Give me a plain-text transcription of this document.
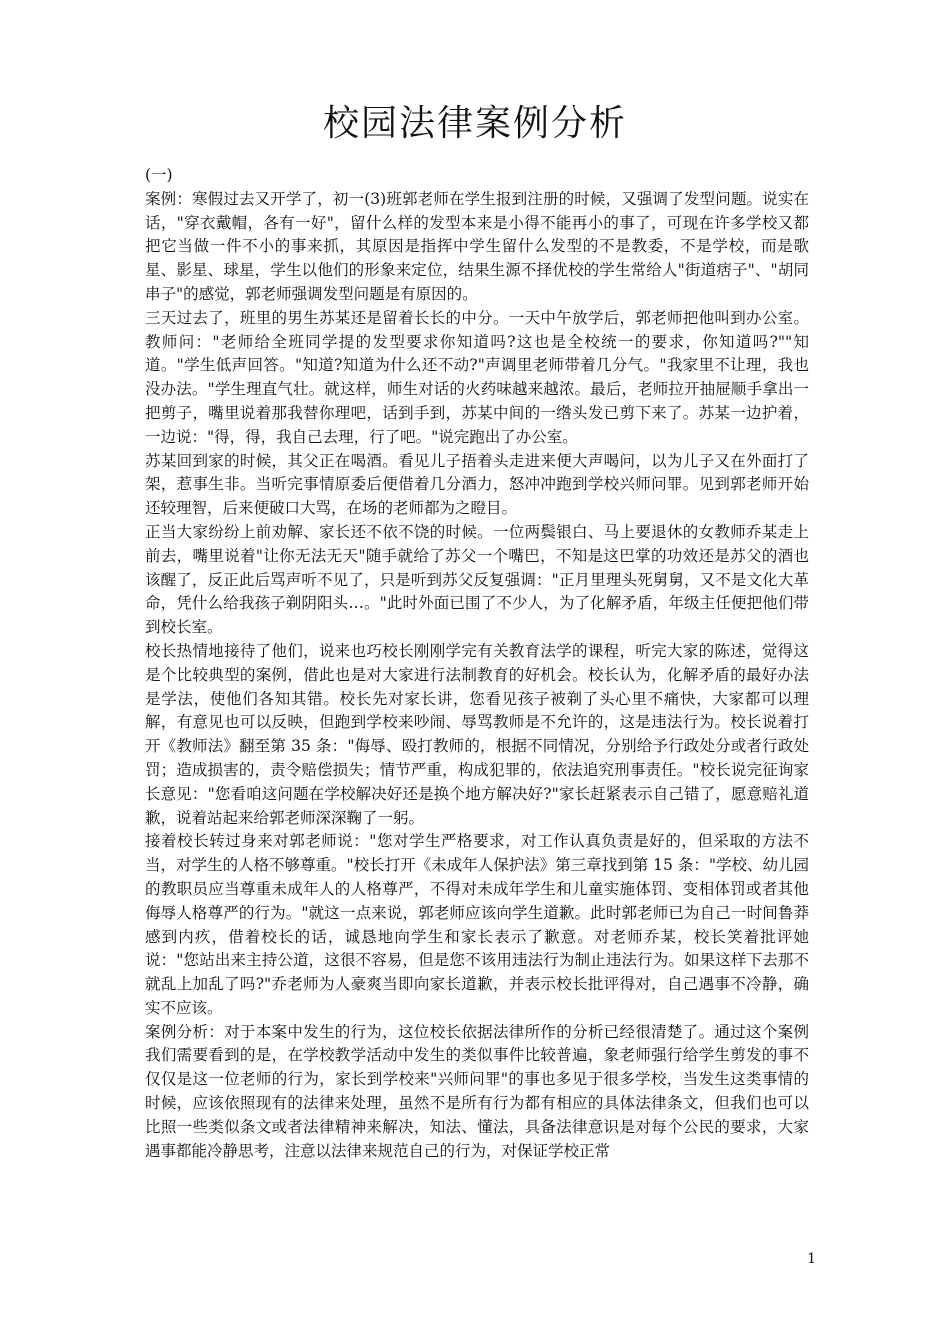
校园法律案例分析

(一)

案例：寒假过去又开学了，初一(3)班郭老师在学生报到注册的时候，又强调了发型问题。说实在话，"穿衣戴帽，各有一好"，留什么样的发型本来是小得不能再小的事了，可现在许多学校又都把它当做一件不小的事来抓，其原因是指挥中学生留什么发型的不是教委，不是学校，而是歌星、影星、球星，学生以他们的形象来定位，结果生源不择优校的学生常给人"街道痞子"、"胡同串子"的感觉，郭老师强调发型问题是有原因的。

三天过去了，班里的男生苏某还是留着长长的中分。一天中午放学后，郭老师把他叫到办公室。教师问："老师给全班同学提的发型要求你知道吗?这也是全校统一的要求，你知道吗?""知道。"学生低声回答。"知道?知道为什么还不动?"声调里老师带着几分气。"我家里不让理，我也没办法。"学生理直气壮。就这样，师生对话的火药味越来越浓。最后，老师拉开抽屉顺手拿出一把剪子，嘴里说着那我替你理吧，话到手到，苏某中间的一绺头发已剪下来了。苏某一边护着，一边说："得，得，我自己去理，行了吧。"说完跑出了办公室。

苏某回到家的时候，其父正在喝酒。看见儿子捂着头走进来便大声喝问，以为儿子又在外面打了架，惹事生非。当听完事情原委后便借着几分酒力，怒冲冲跑到学校兴师问罪。见到郭老师开始还较理智，后来便破口大骂，在场的老师都为之瞪目。

正当大家纷纷上前劝解、家长还不依不饶的时候。一位两鬓银白、马上要退休的女教师乔某走上前去，嘴里说着"让你无法无天"随手就给了苏父一个嘴巴，不知是这巴掌的功效还是苏父的酒也该醒了，反正此后骂声听不见了，只是听到苏父反复强调："正月里理头死舅舅，又不是文化大革命，凭什么给我孩子剃阴阳头…。"此时外面已围了不少人，为了化解矛盾，年级主任便把他们带到校长室。

校长热情地接待了他们，说来也巧校长刚刚学完有关教育法学的课程，听完大家的陈述，觉得这是个比较典型的案例，借此也是对大家进行法制教育的好机会。校长认为，化解矛盾的最好办法是学法，使他们各知其错。校长先对家长讲，您看见孩子被剃了头心里不痛快，大家都可以理解，有意见也可以反映，但跑到学校来吵闹、辱骂教师是不允许的，这是违法行为。校长说着打开《教师法》翻至第 35 条："侮辱、殴打教师的，根据不同情况，分别给予行政处分或者行政处罚；造成损害的，责令赔偿损失；情节严重，构成犯罪的，依法追究刑事责任。"校长说完征询家长意见："您看咱这问题在学校解决好还是换个地方解决好?"家长赶紧表示自己错了，愿意赔礼道歉，说着站起来给郭老师深深鞠了一躬。

接着校长转过身来对郭老师说："您对学生严格要求，对工作认真负责是好的，但采取的方法不当，对学生的人格不够尊重。"校长打开《未成年人保护法》第三章找到第 15 条："学校、幼儿园的教职员应当尊重未成年人的人格尊严，不得对未成年学生和儿童实施体罚、变相体罚或者其他侮辱人格尊严的行为。"就这一点来说，郭老师应该向学生道歉。此时郭老师已为自己一时间鲁莽感到内疚，借着校长的话，诚恳地向学生和家长表示了歉意。对老师乔某，校长笑着批评她说："您站出来主持公道，这很不容易，但是您不该用违法行为制止违法行为。如果这样下去那不就乱上加乱了吗?"乔老师为人豪爽当即向家长道歉，并表示校长批评得对，自己遇事不冷静，确实不应该。

案例分析：对于本案中发生的行为，这位校长依据法律所作的分析已经很清楚了。通过这个案例我们需要看到的是，在学校教学活动中发生的类似事件比较普遍，象老师强行给学生剪发的事不仅仅是这一位老师的行为，家长到学校来"兴师问罪"的事也多见于很多学校，当发生这类事情的时候，应该依照现有的法律来处理，虽然不是所有行为都有相应的具体法律条文，但我们也可以比照一些类似条文或者法律精神来解决，知法、懂法，具备法律意识是对每个公民的要求，大家遇事都能冷静思考，注意以法律来规范自己的行为，对保证学校正常

1
